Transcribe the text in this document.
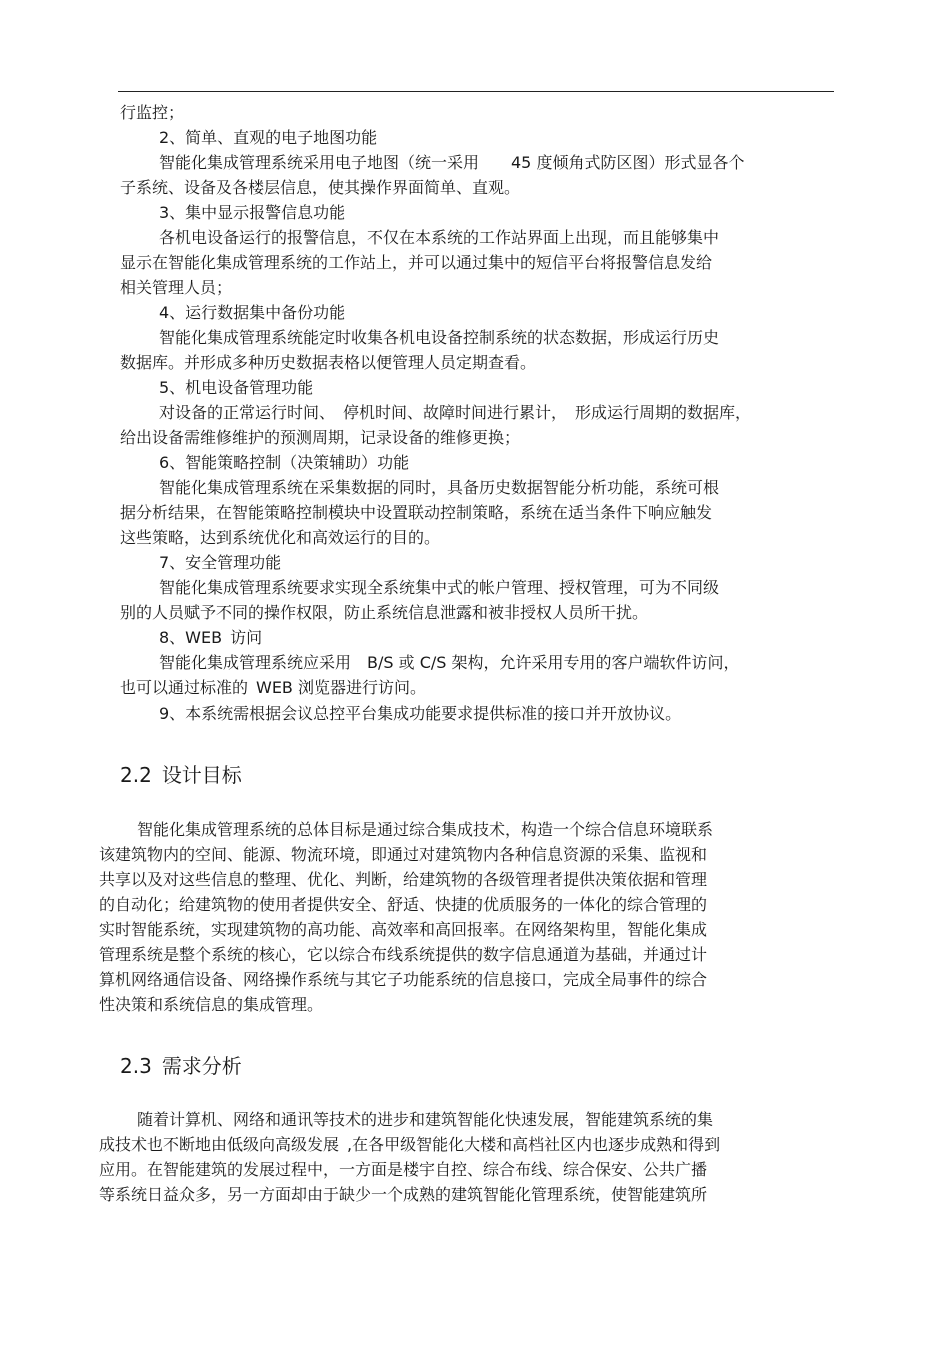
行监控；
2、简单、直观的电子地图功能
智能化集成管理系统采用电子地图（统一采用　　45 度倾角式防区图）形式显各个
子系统、设备及各楼层信息，使其操作界面简单、直观。
3、集中显示报警信息功能
各机电设备运行的报警信息，不仅在本系统的工作站界面上出现，而且能够集中
显示在智能化集成管理系统的工作站上，并可以通过集中的短信平台将报警信息发给
相关管理人员；
4、运行数据集中备份功能
智能化集成管理系统能定时收集各机电设备控制系统的状态数据，形成运行历史
数据库。并形成多种历史数据表格以便管理人员定期查看。
5、机电设备管理功能
对设备的正常运行时间、 停机时间、故障时间进行累计， 形成运行周期的数据库，
给出设备需维修维护的预测周期，记录设备的维修更换；
6、智能策略控制（决策辅助）功能
智能化集成管理系统在采集数据的同时，具备历史数据智能分析功能，系统可根
据分析结果，在智能策略控制模块中设置联动控制策略，系统在适当条件下响应触发
这些策略，达到系统优化和高效运行的目的。
7、安全管理功能
智能化集成管理系统要求实现全系统集中式的帐户管理、授权管理，可为不同级
别的人员赋予不同的操作权限，防止系统信息泄露和被非授权人员所干扰。
8、WEB 访问
智能化集成管理系统应采用　B/S 或 C/S 架构，允许采用专用的客户端软件访问，
也可以通过标准的 WEB 浏览器进行访问。
9、本系统需根据会议总控平台集成功能要求提供标准的接口并开放协议。
2.2 设计目标
智能化集成管理系统的总体目标是通过综合集成技术，构造一个综合信息环境联系
该建筑物内的空间、能源、物流环境，即通过对建筑物内各种信息资源的采集、监视和
共享以及对这些信息的整理、优化、判断，给建筑物的各级管理者提供决策依据和管理
的自动化；给建筑物的使用者提供安全、舒适、快捷的优质服务的一体化的综合管理的
实时智能系统，实现建筑物的高功能、高效率和高回报率。在网络架构里，智能化集成
管理系统是整个系统的核心，它以综合布线系统提供的数字信息通道为基础，并通过计
算机网络通信设备、网络操作系统与其它子功能系统的信息接口，完成全局事件的综合
性决策和系统信息的集成管理。
2.3 需求分析
随着计算机、网络和通讯等技术的进步和建筑智能化快速发展，智能建筑系统的集
成技术也不断地由低级向高级发展 ,在各甲级智能化大楼和高档社区内也逐步成熟和得到
应用。在智能建筑的发展过程中，一方面是楼宇自控、综合布线、综合保安、公共广播
等系统日益众多，另一方面却由于缺少一个成熟的建筑智能化管理系统，使智能建筑所
